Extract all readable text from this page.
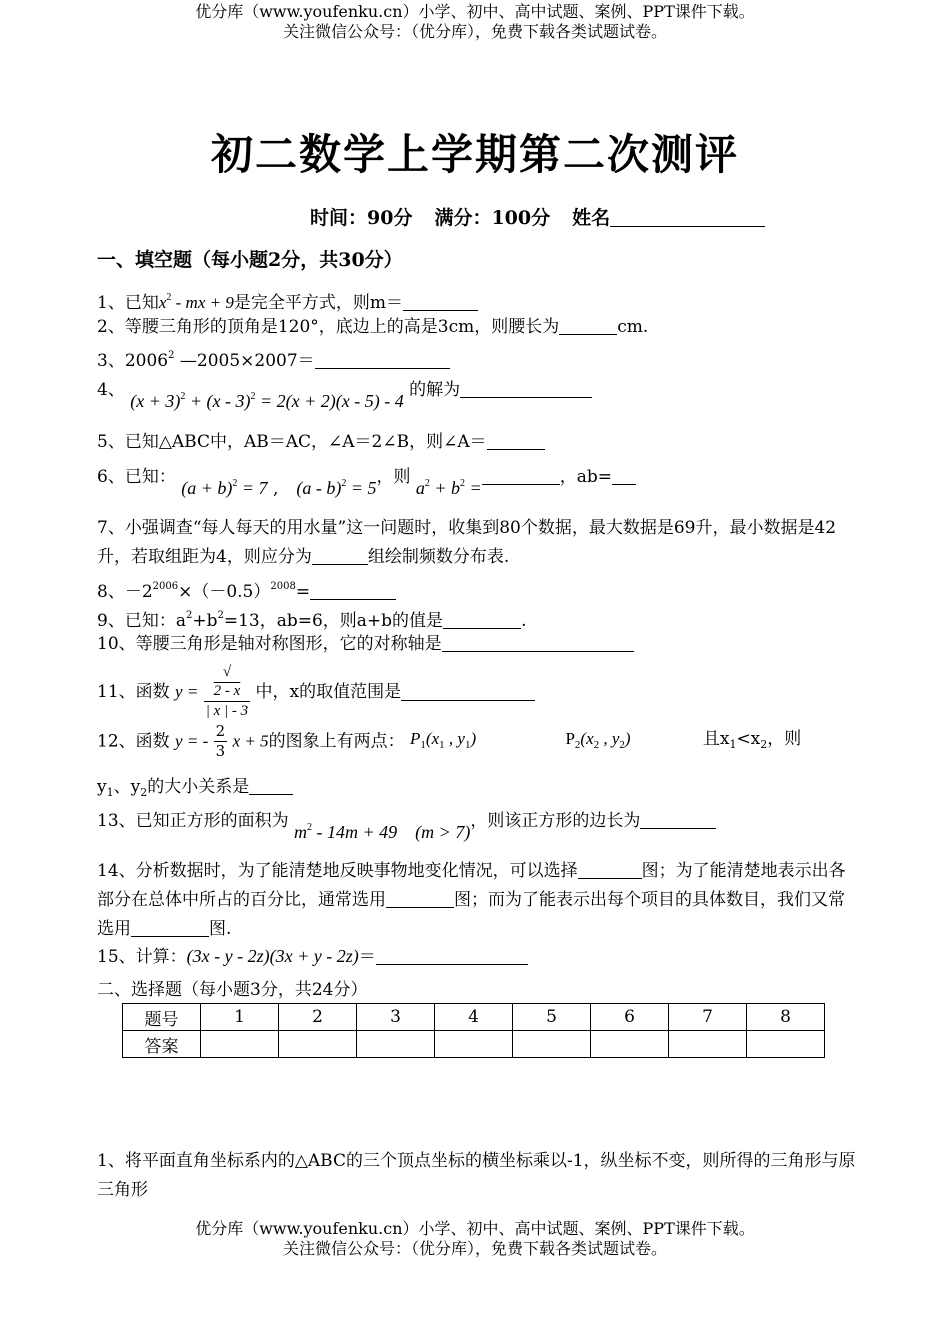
优分库（www.youfenku.cn）小学、初中、高中试题、案例、PPT课件下载。
关注微信公众号：（优分库），免费下载各类试题试卷。
初二数学上学期第二次测评
时间：90分 满分：100分 姓名
一、填空题（每小题2分，共30分）
1、已知$x^2$ - mx + 9是完全平方式，则m＝
2、等腰三角形的顶角是120°，底边上的高是3cm，则腰长为	cm.
3、2006$^2$ —2005×2007＝
4、 $(x + 3)^2 + (x - 3)^2 = 2(x + 2)(x - 5) - 4$ 的解为
5、已知△ABC中，AB＝AC，∠A＝2∠B，则∠A＝
6、已知： $(a + b)^2 = 7$ , (a - b)$^2$ = 5，则 $a^2 + b^2$ =，ab=
7、小强调查“每人每天的用水量”这一问题时，收集到80个数据，最大数据是69升，最小数据是42升，若取组距为4，则应分为	组绘制频数分布表.
8、$-2^{2006}\times(-0.5)^{2008}=$
9、已知：$a^2+b^2=13$，ab=6，则a+b的值是	.
10、等腰三角形是轴对称图形，它的对称轴是
11、函数 y = √
2 - x
| x | - 3 中，x的取值范围是
12、函数 y = - $\frac{2}{3}$ x + 5的图象上有两点： $P_1(x_1$ , $y_1$)	$P_2(x_2$ , $y_2$)	且$x_1<x_2$，则
$y_1$、$y_2$的大小关系是
13、已知正方形的面积为 $m^2 - 14m + 49$    (m > 7)，则该正方形的边长为
14、分析数据时，为了能清楚地反映事物地变化情况，可以选择	图；为了能清楚地表示出各部分在总体中所占的百分比，通常选用	图；而为了能表示出每个项目的具体数目，我们又常选用	图.
15、计算：(3x - y - 2z)(3x + y - 2z)＝
二、选择题（每小题3分，共24分）
题号	1	2	3	4	5	6	7	8
答案								
1、将平面直角坐标系内的△ABC的三个顶点坐标的横坐标乘以-1，纵坐标不变，则所得的三角形与原三角形
优分库（www.youfenku.cn）小学、初中、高中试题、案例、PPT课件下载。
关注微信公众号：（优分库），免费下载各类试题试卷。
